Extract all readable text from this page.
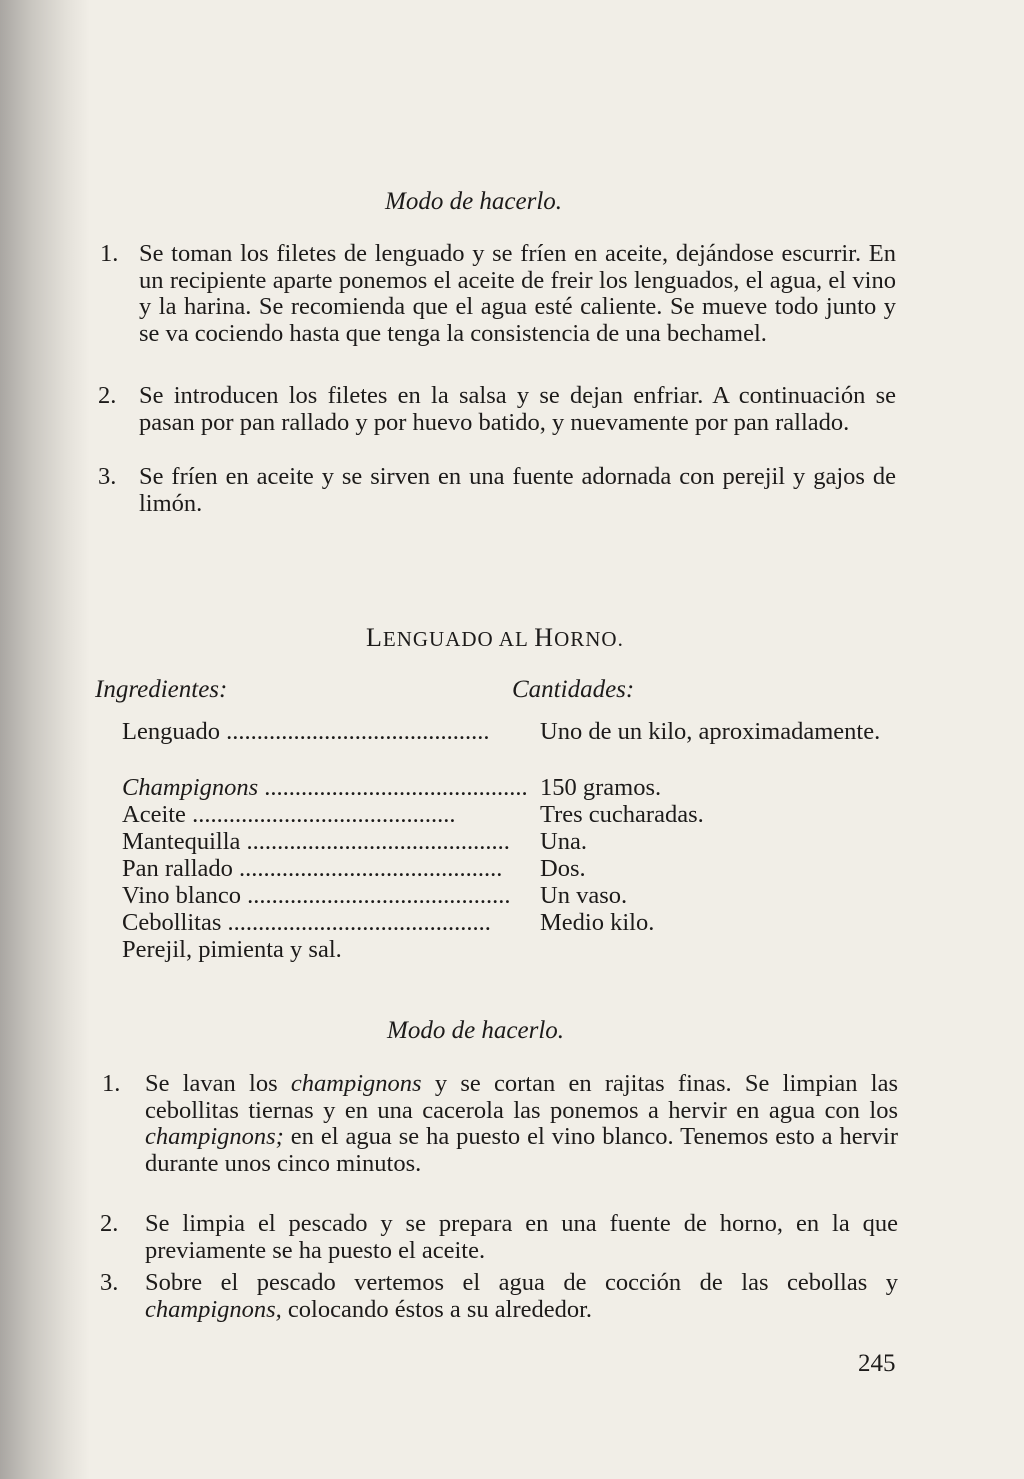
Modo de hacerlo.
1. Se toman los filetes de lenguado y se fríen en aceite, dejándose escurrir. En un recipiente aparte ponemos el aceite de freir los lenguados, el agua, el vino y la harina. Se recomienda que el agua esté caliente. Se mueve todo junto y se va cociendo hasta que tenga la consistencia de una bechamel.
2. Se introducen los filetes en la salsa y se dejan enfriar. A continuación se pasan por pan rallado y por huevo batido, y nuevamente por pan rallado.
3. Se fríen en aceite y se sirven en una fuente adornada con perejil y gajos de limón.
LENGUADO AL HORNO.
Ingredientes:	Cantidades:
Lenguado ........................................... Uno de un kilo, aproximadamente.
Champignons ........................................... 150 gramos.
Aceite ...........................................	Tres cucharadas.
Mantequilla ........................................... Una.
Pan rallado ........................................... Dos.
Vino blanco ........................................... Un vaso.
Cebollitas ........................................... Medio kilo.
Perejil, pimienta y sal.
Modo de hacerlo.
1. Se lavan los champignons y se cortan en rajitas finas. Se limpian las cebollitas tiernas y en una cacerola las ponemos a hervir en agua con los champignons; en el agua se ha puesto el vino blanco. Tenemos esto a hervir durante unos cinco minutos.
2. Se limpia el pescado y se prepara en una fuente de horno, en la que previamente se ha puesto el aceite.
3. Sobre el pescado vertemos el agua de cocción de las cebollas y champignons, colocando éstos a su alrededor.
245
